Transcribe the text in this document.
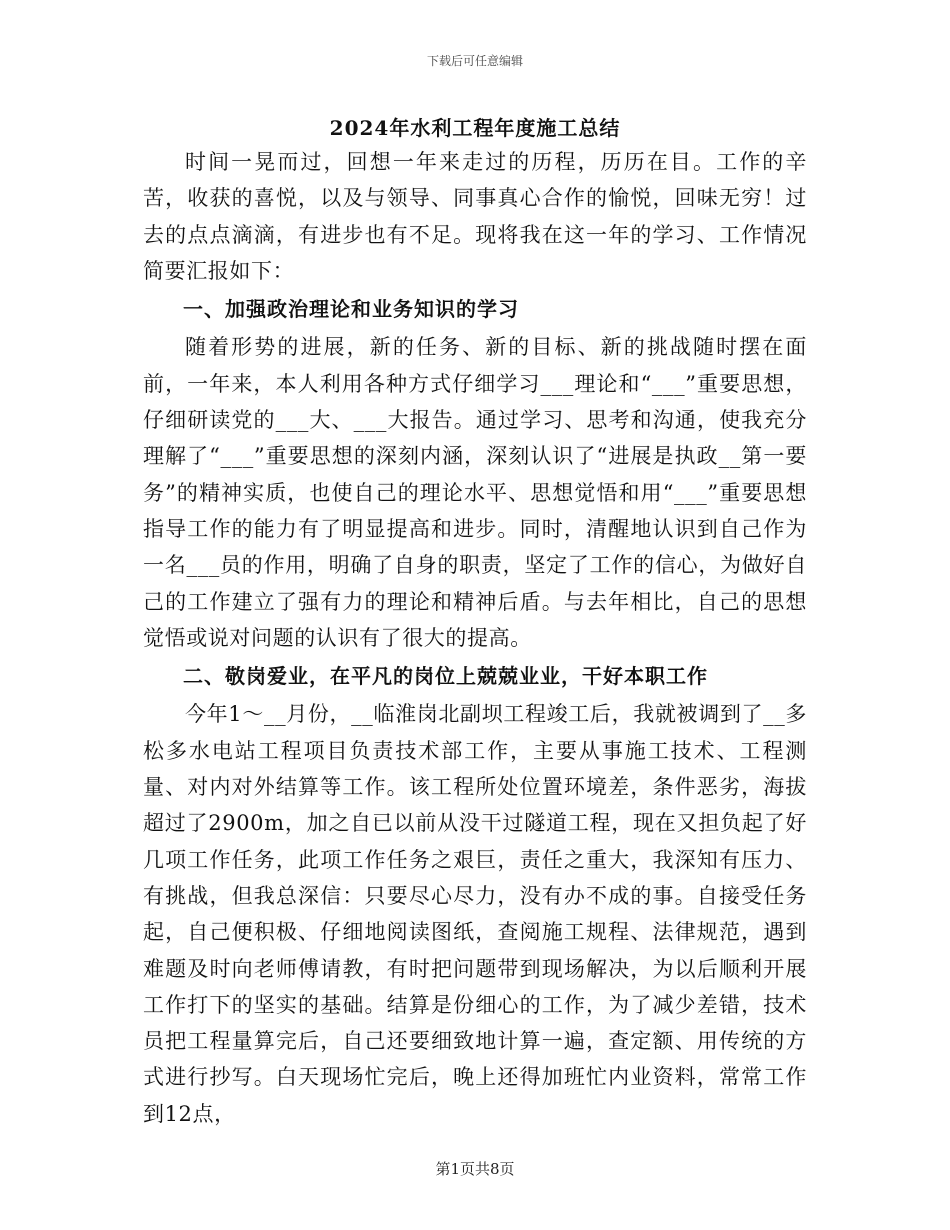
下载后可任意编辑
2024年水利工程年度施工总结

时间一晃而过，回想一年来走过的历程，历历在目。工作的辛苦，收获的喜悦，以及与领导、同事真心合作的愉悦，回味无穷！过去的点点滴滴，有进步也有不足。现将我在这一年的学习、工作情况简要汇报如下：

一、加强政治理论和业务知识的学习

随着形势的进展，新的任务、新的目标、新的挑战随时摆在面前，一年来，本人利用各种方式仔细学习___理论和“___”重要思想，仔细研读党的___大、___大报告。通过学习、思考和沟通，使我充分理解了“___”重要思想的深刻内涵，深刻认识了“进展是执政__第一要务”的精神实质，也使自己的理论水平、思想觉悟和用“___”重要思想指导工作的能力有了明显提高和进步。同时，清醒地认识到自己作为一名___员的作用，明确了自身的职责，坚定了工作的信心，为做好自己的工作建立了强有力的理论和精神后盾。与去年相比，自己的思想觉悟或说对问题的认识有了很大的提高。

二、敬岗爱业，在平凡的岗位上兢兢业业，干好本职工作

今年1～__月份，__临淮岗北副坝工程竣工后，我就被调到了__多松多水电站工程项目负责技术部工作，主要从事施工技术、工程测量、对内对外结算等工作。该工程所处位置环境差，条件恶劣，海拔超过了2900m，加之自已以前从没干过隧道工程，现在又担负起了好几项工作任务，此项工作任务之艰巨，责任之重大，我深知有压力、有挑战，但我总深信：只要尽心尽力，没有办不成的事。自接受任务起，自己便积极、仔细地阅读图纸，查阅施工规程、法律规范，遇到难题及时向老师傅请教，有时把问题带到现场解决，为以后顺利开展工作打下的坚实的基础。结算是份细心的工作，为了减少差错，技术员把工程量算完后，自己还要细致地计算一遍，查定额、用传统的方式进行抄写。白天现场忙完后，晚上还得加班忙内业资料，常常工作到12点，

第1页共8页
